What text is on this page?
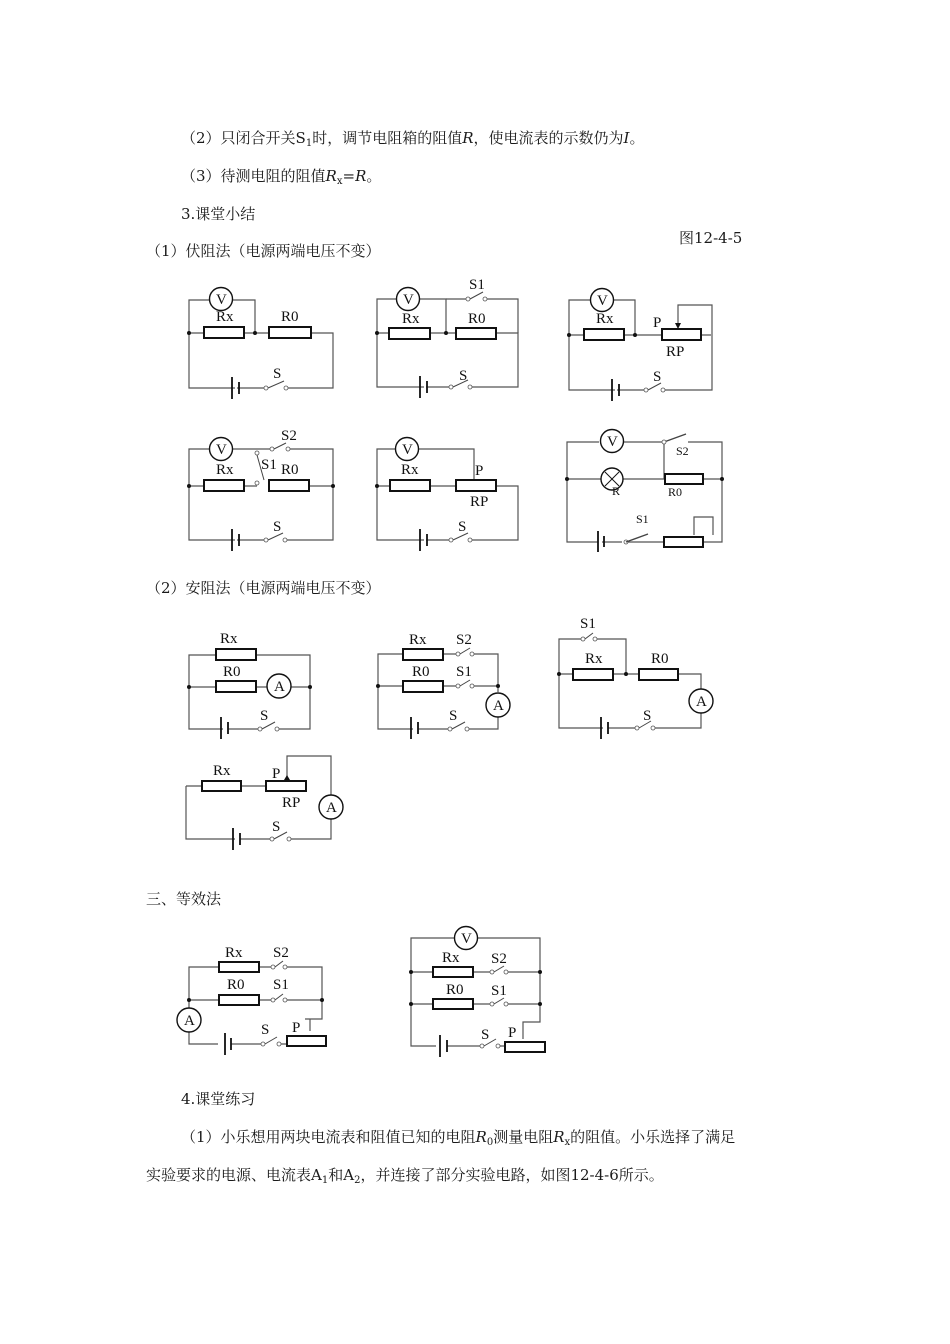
（2）只闭合开关$S_1$时，调节电阻箱的阻值R，使电流表的示数仍为I。
（3）待测电阻的阻值$R_x=R$。
3.课堂小结
图12-4-5
（1）伏阻法（电源两端电压不变）
（2）安阻法（电源两端电压不变）
三、等效法
4.课堂练习
（1）小乐想用两块电流表和阻值已知的电阻$R_0$测量电阻$R_x$的阻值。小乐选择了满足
实验要求的电源、电流表$A_1$和$A_2$，并连接了部分实验电路，如图12-4-6所示。
V
Rx	R0
S
V
S1
Rx	R0
S
V
Rx	P
RP
S
V
S2
S1
Rx	R0
S
V
Rx	P
RP
S
V
S2
R	R0
S1
Rx
R0
A
S
Rx
R0
S2
S1
A
S
S1
Rx	R0
A
S
Rx	P
RP A
S
Rx
R0
S2
S1
A
S P
V
Rx
R0
S2
S1
S P
